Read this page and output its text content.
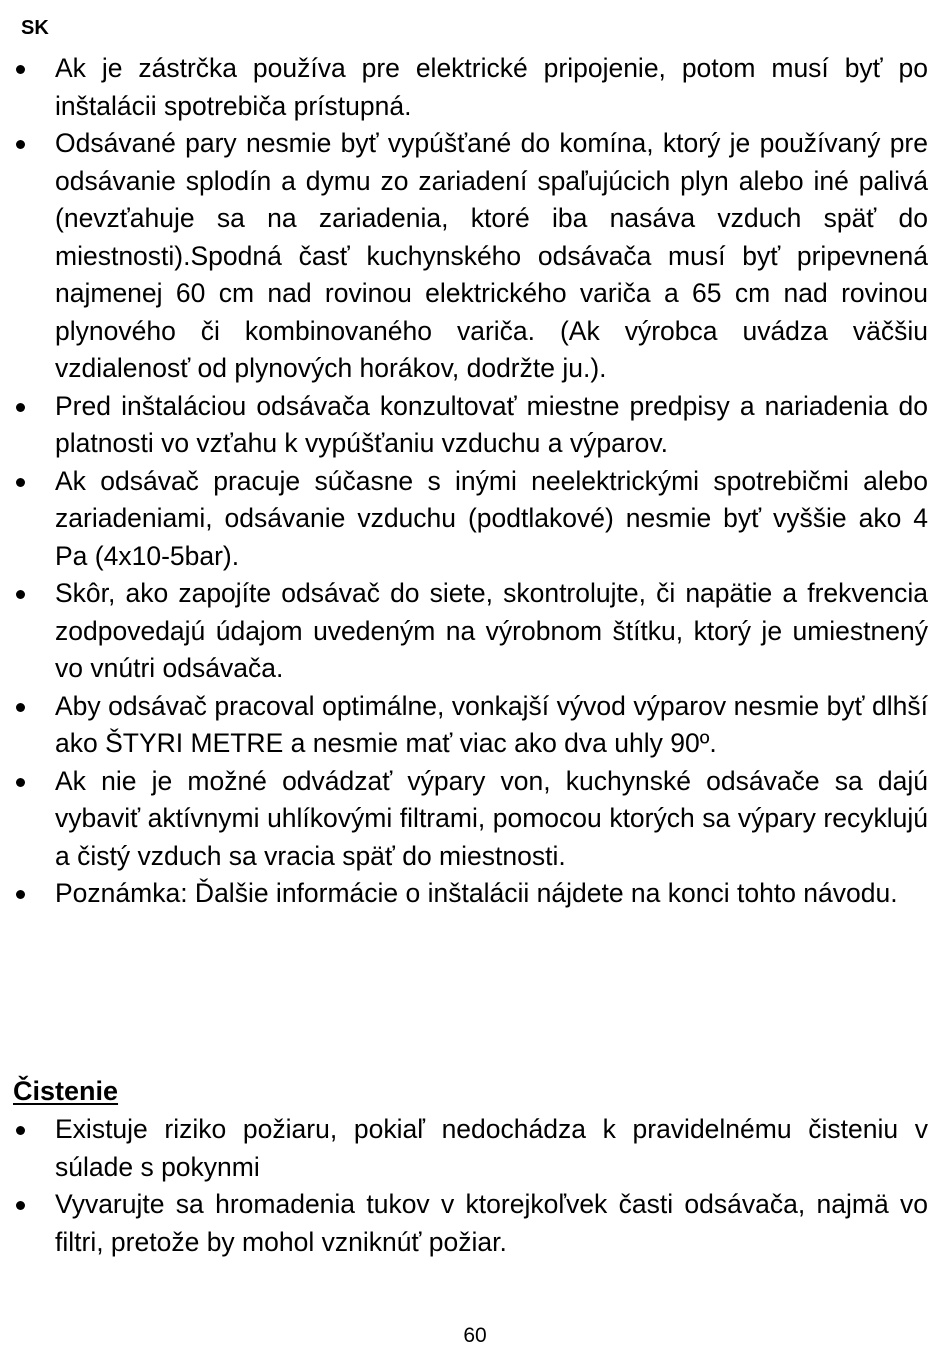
SK
Ak je zástrčka používa pre elektrické pripojenie, potom musí byť po inštalácii spotrebiča prístupná.
Odsávané pary nesmie byť vypúšťané do komína, ktorý je používaný pre odsávanie splodín a dymu zo zariadení spaľujúcich plyn alebo iné palivá (nevzťahuje sa na zariadenia, ktoré iba nasáva vzduch späť do miestnosti).Spodná časť kuchynského odsávača musí byť pripevnená najmenej 60 cm nad rovinou elektrického variča a 65 cm nad rovinou plynového či kombinovaného variča. (Ak výrobca uvádza väčšiu vzdialenosť od plynových horákov, dodržte ju.).
Pred inštaláciou odsávača konzultovať miestne predpisy a nariadenia do platnosti vo vzťahu k vypúšťaniu vzduchu a výparov.
Ak odsávač pracuje súčasne s inými neelektrickými spotrebičmi alebo zariadeniami, odsávanie vzduchu (podtlakové) nesmie byť vyššie ako 4 Pa (4x10-5bar).
Skôr, ako zapojíte odsávač do siete, skontrolujte, či napätie a frekvencia zodpovedajú údajom uvedeným na výrobnom štítku, ktorý je umiestnený vo vnútri odsávača.
Aby odsávač pracoval optimálne, vonkajší vývod výparov nesmie byť dlhší ako ŠTYRI METRE a nesmie mať viac ako dva uhly 90º.
Ak nie je možné odvádzať výpary von, kuchynské odsávače sa dajú vybaviť aktívnymi uhlíkovými filtrami, pomocou ktorých sa výpary recyklujú a čistý vzduch sa vracia späť do miestnosti.
Poznámka: Ďalšie informácie o inštalácii nájdete na konci tohto návodu.
Čistenie
Existuje riziko požiaru, pokiaľ nedochádza k pravidelnému čisteniu v súlade s pokynmi
Vyvarujte sa hromadenia tukov v ktorejkoľvek časti odsávača, najmä vo filtri, pretože by mohol vzniknúť požiar.
60
